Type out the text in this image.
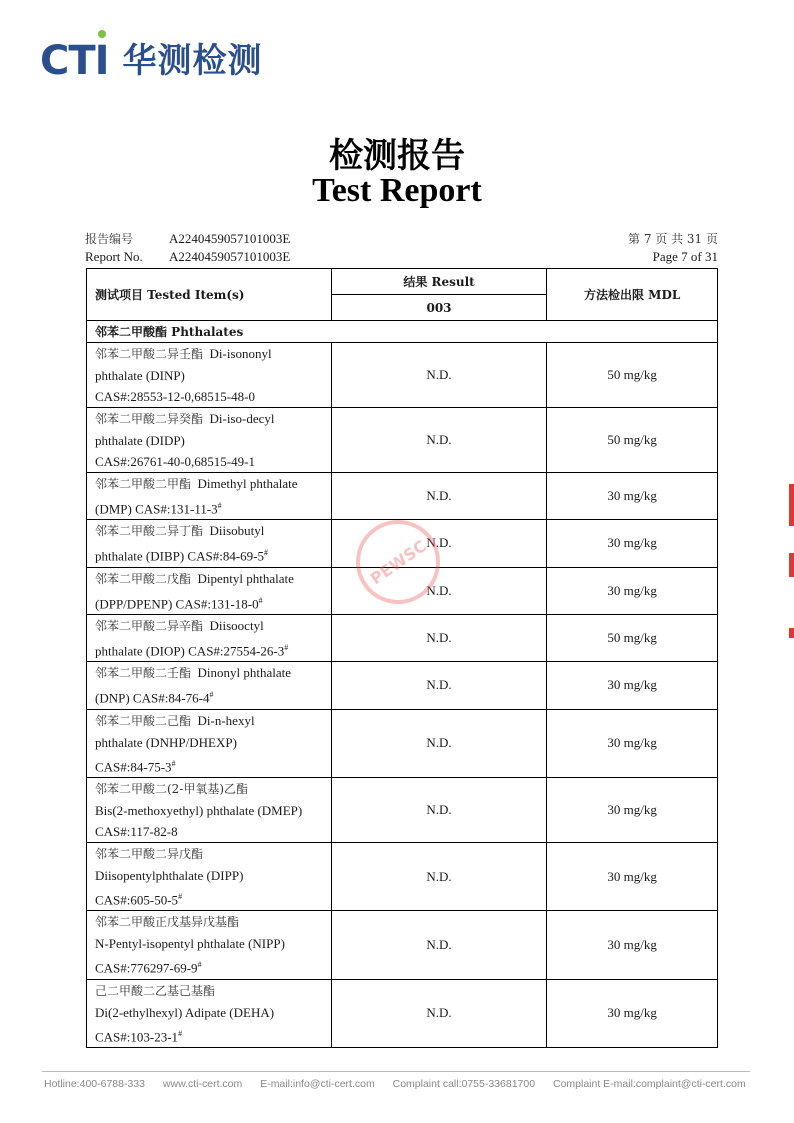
CTI 华测检测
检测报告
Test Report
报告编号	A2240459057101003E
Report No. A2240459057101003E
第 7 页 共 31 页
Page 7 of 31
测试项目 Tested Item(s)	结果 Result	方法检出限 MDL
	003	
邻苯二甲酸酯 Phthalates		

邻苯二甲酸二异壬酯 Di-isononyl
phthalate (DINP)
CAS#:28553-12-0,68515-48-0	N.D.	50 mg/kg

邻苯二甲酸二异癸酯 Di-iso-decyl
phthalate (DIDP)
CAS#:26761-40-0,68515-49-1	N.D.	50 mg/kg

邻苯二甲酸二甲酯 Dimethyl phthalate
(DMP) CAS#:131-11-3#	N.D.	30 mg/kg

邻苯二甲酸二异丁酯 Diisobutyl
phthalate (DIBP) CAS#:84-69-5#	N.D.	30 mg/kg

邻苯二甲酸二戊酯 Dipentyl phthalate
(DPP/DPENP) CAS#:131-18-0#	N.D.	30 mg/kg

邻苯二甲酸二异辛酯 Diisooctyl
phthalate (DIOP) CAS#:27554-26-3#	N.D.	50 mg/kg

邻苯二甲酸二壬酯 Dinonyl phthalate
(DNP) CAS#:84-76-4#	N.D.	30 mg/kg

邻苯二甲酸二己酯 Di-n-hexyl
phthalate (DNHP/DHEXP)
CAS#:84-75-3#	N.D.	30 mg/kg

邻苯二甲酸二(2-甲氧基)乙酯
Bis(2-methoxyethyl) phthalate (DMEP)
CAS#:117-82-8	N.D.	30 mg/kg

邻苯二甲酸二异戊酯
Diisopentylphthalate (DIPP)
CAS#:605-50-5#	N.D.	30 mg/kg

邻苯二甲酸正戊基异戊基酯
N-Pentyl-isopentyl phthalate (NIPP)
CAS#:776297-69-9#	N.D.	30 mg/kg

己二甲酸二乙基己基酯
Di(2-ethylhexyl) Adipate (DEHA)
CAS#:103-23-1#	N.D.	30 mg/kg
PEWSC
Hotline:400-6788-333 www.cti-cert.com E-mail:info@cti-cert.com Complaint call:0755-33681700 Complaint E-mail:complaint@cti-cert.com
